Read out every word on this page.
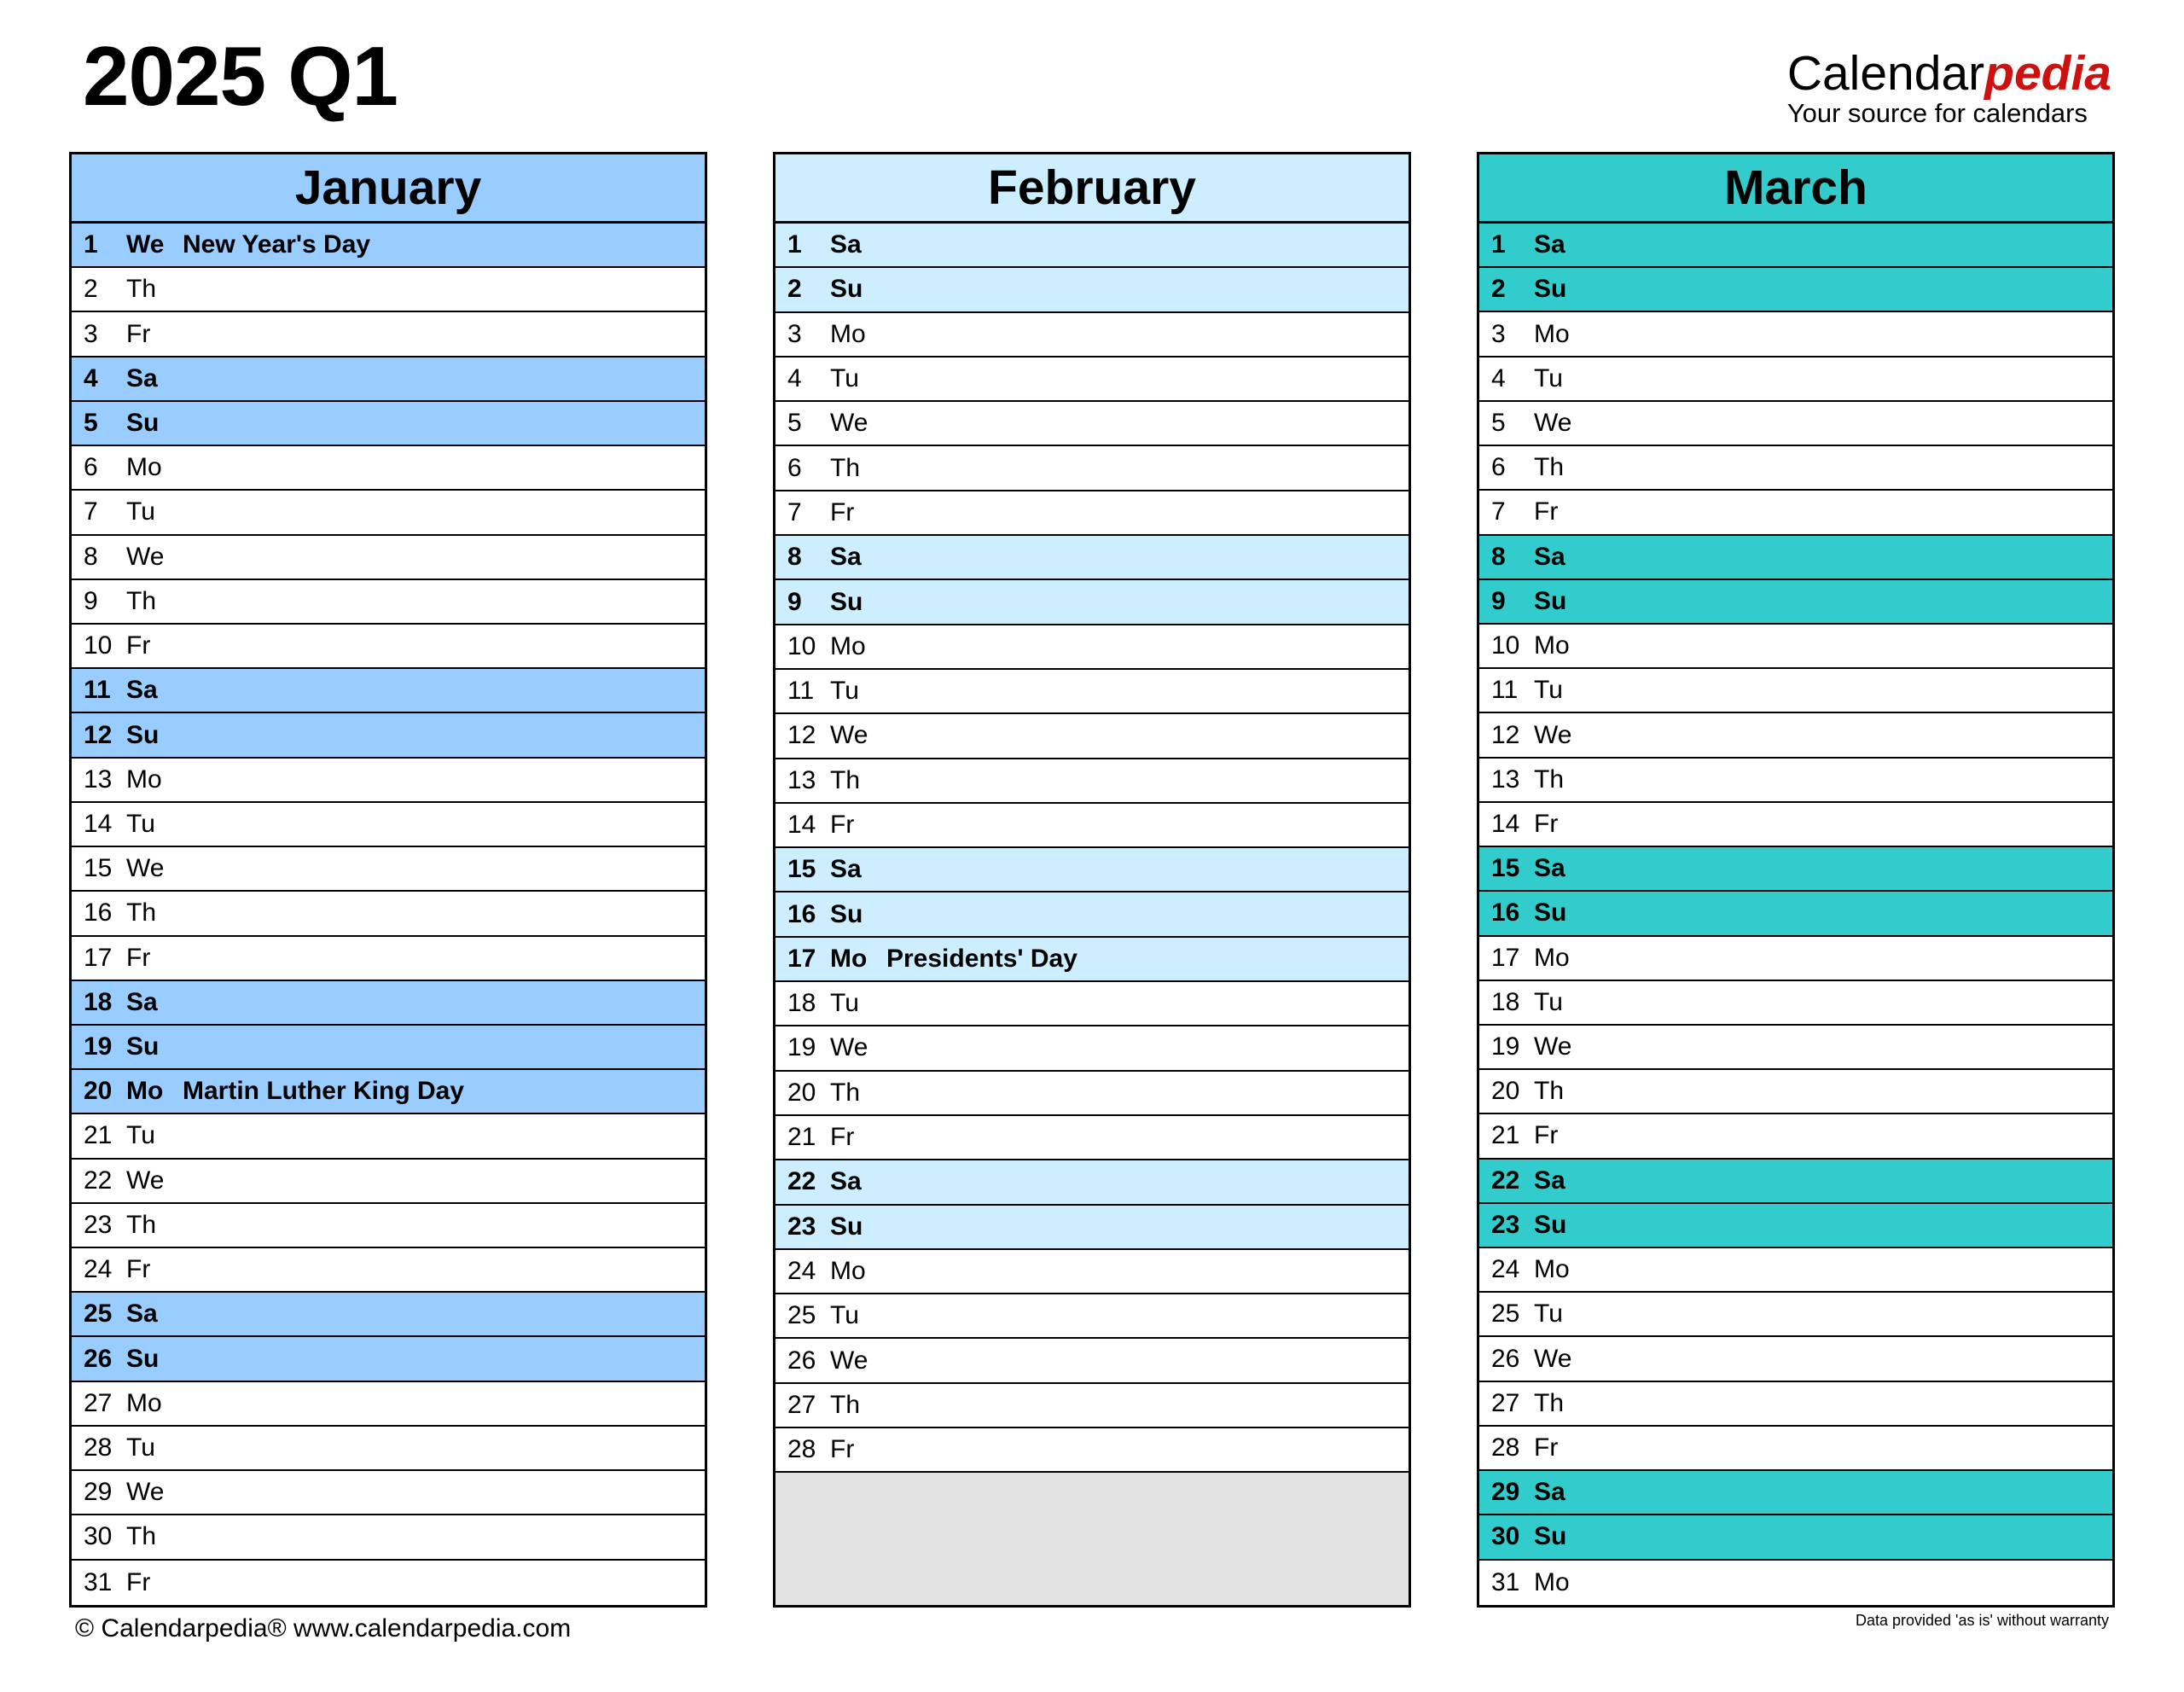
2025 Q1	Calendarpedia
Your source for calendars
January
1	We New Year's Day
2	Th
3	Fr
4	Sa
5	Su
6	Mo
7	Tu
8	We
9	Th
10 Fr
11 Sa
12 Su
13 Mo
14 Tu
15 We
16 Th
17 Fr
18 Sa
19 Su
20 Mo Martin Luther King Day
21 Tu
22 We
23 Th
24 Fr
25 Sa
26 Su
27 Mo
28 Tu
29 We
30 Th
31 Fr
February
1	Sa
2	Su
3	Mo
4	Tu
5	We
6	Th
7	Fr
8	Sa
9	Su
10 Mo
11 Tu
12 We
13 Th
14 Fr
15 Sa
16 Su
17 Mo Presidents' Day
18 Tu
19 We
20 Th
21 Fr
22 Sa
23 Su
24 Mo
25 Tu
26 We
27 Th
28 Fr
March
1	Sa
2	Su
3	Mo
4	Tu
5	We
6	Th
7	Fr
8	Sa
9	Su
10 Mo
11 Tu
12 We
13 Th
14 Fr
15 Sa
16 Su
17 Mo
18 Tu
19 We
20 Th
21 Fr
22 Sa
23 Su
24 Mo
25 Tu
26 We
27 Th
28 Fr
29 Sa
30 Su
31 Mo
© Calendarpedia® www.calendarpedia.com	Data provided 'as is' without warranty
